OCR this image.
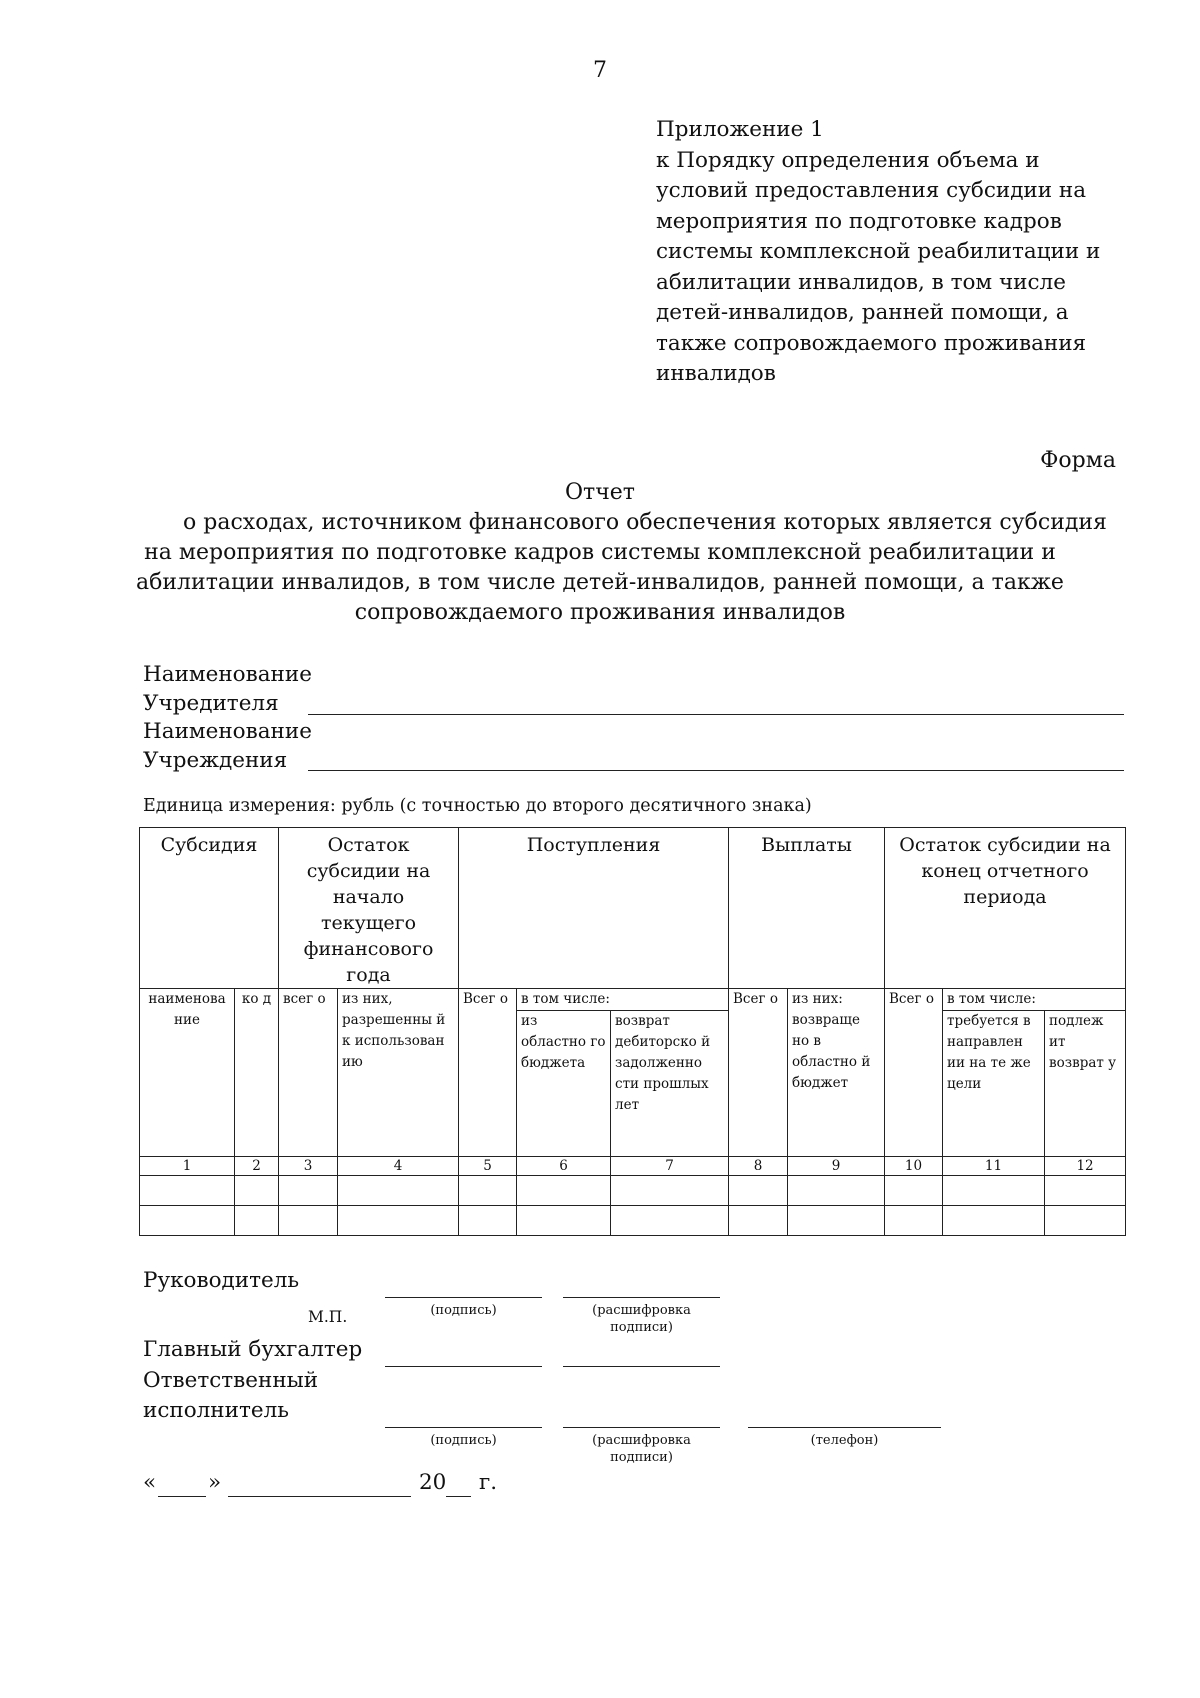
7
Приложение 1
к Порядку определения объема и
условий предоставления субсидии на
мероприятия по подготовке кадров
системы комплексной реабилитации и
абилитации инвалидов, в том числе
детей-инвалидов, ранней помощи, а
также сопровождаемого проживания
инвалидов
Форма
Отчет
о расходах, источником финансового обеспечения которых является субсидия
на мероприятия по подготовке кадров системы комплексной реабилитации и
абилитации инвалидов, в том числе детей-инвалидов, ранней помощи, а также
сопровождаемого проживания инвалидов
Наименование
Учредителя
Наименование
Учреждения
Единица измерения: рубль (с точностью до второго десятичного знака)
Субсидия		Остаток субсидии на начало текущего финансового года		Поступления			Выплаты		Остаток субсидии на конец отчетного периода		
наименова ние	ко д	всег о	из них, разрешенны й к использован ию	Всег о	в том числе:		Всег о	из них: возвраще но в областно й бюджет	Всег о	в том числе:	
					из областно го бюджета	возврат дебиторско й задолженно сти прошлых лет				требуется в направлен ии на те же цели	подлеж ит возврат у
1	2	3	4	5	6	7	8	9	10	11	12

Руководитель
М.П.	(подпись)	(расшифровка
подписи)
Главный бухгалтер
Ответственный
исполнитель
(подпись)	(расшифровка
подписи)
(телефон)
« »	20 г.
